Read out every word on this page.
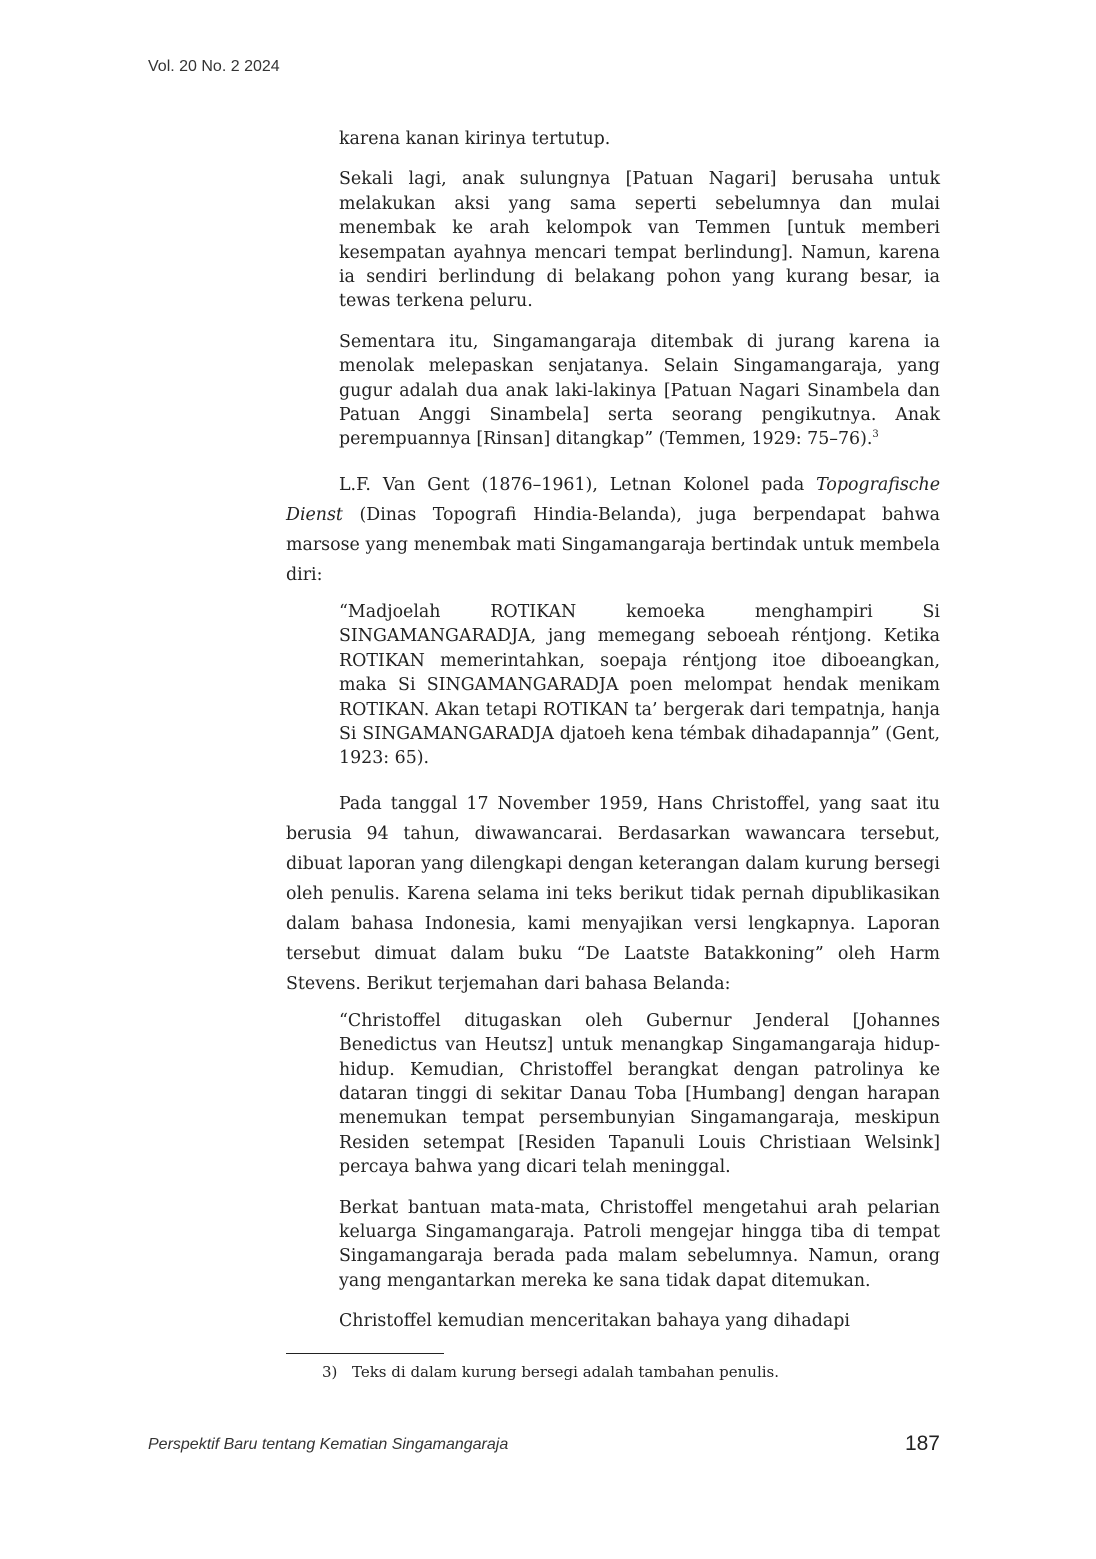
Vol. 20 No. 2 2024

karena kanan kirinya tertutup.

Sekali lagi, anak sulungnya [Patuan Nagari] berusaha untuk melakukan aksi yang sama seperti sebelumnya dan mulai menembak ke arah kelompok van Temmen [untuk memberi kesempatan ayahnya mencari tempat berlindung]. Namun, karena ia sendiri berlindung di belakang pohon yang kurang besar, ia tewas terkena peluru.

Sementara itu, Singamangaraja ditembak di jurang karena ia menolak melepaskan senjatanya. Selain Singamangaraja, yang gugur adalah dua anak laki-lakinya [Patuan Nagari Sinambela dan Patuan Anggi Sinambela] serta seorang pengikutnya. Anak perempuannya [Rinsan] ditangkap” (Temmen, 1929: 75–76).$^3$

L.F. Van Gent (1876–1961), Letnan Kolonel pada Topografische Dienst (Dinas Topografi Hindia-Belanda), juga berpendapat bahwa marsose yang menembak mati Singamangaraja bertindak untuk membela diri:

“Madjoelah ROTIKAN kemoeka menghampiri Si SINGAMANGARADJA, jang memegang seboeah réntjong. Ketika ROTIKAN memerintahkan, soepaja réntjong itoe diboeangkan, maka Si SINGAMANGARADJA poen melompat hendak menikam ROTIKAN. Akan tetapi ROTIKAN ta’ bergerak dari tempatnja, hanja Si SINGAMANGARADJA djatoeh kena témbak dihadapannja” (Gent, 1923: 65).

Pada tanggal 17 November 1959, Hans Christoffel, yang saat itu berusia 94 tahun, diwawancarai. Berdasarkan wawancara tersebut, dibuat laporan yang dilengkapi dengan keterangan dalam kurung bersegi oleh penulis. Karena selama ini teks berikut tidak pernah dipublikasikan dalam bahasa Indonesia, kami menyajikan versi lengkapnya. Laporan tersebut dimuat dalam buku “De Laatste Batakkoning” oleh Harm Stevens. Berikut terjemahan dari bahasa Belanda:

“Christoffel ditugaskan oleh Gubernur Jenderal [Johannes Benedictus van Heutsz] untuk menangkap Singamangaraja hidup-hidup. Kemudian, Christoffel berangkat dengan patrolinya ke dataran tinggi di sekitar Danau Toba [Humbang] dengan harapan menemukan tempat persembunyian Singamangaraja, meskipun Residen setempat [Residen Tapanuli Louis Christiaan Welsink] percaya bahwa yang dicari telah meninggal.

Berkat bantuan mata-mata, Christoffel mengetahui arah pelarian keluarga Singamangaraja. Patroli mengejar hingga tiba di tempat Singamangaraja berada pada malam sebelumnya. Namun, orang yang mengantarkan mereka ke sana tidak dapat ditemukan.

Christoffel kemudian menceritakan bahaya yang dihadapi

3) Teks di dalam kurung bersegi adalah tambahan penulis.
Perspektif Baru tentang Kematian Singamangaraja	187
